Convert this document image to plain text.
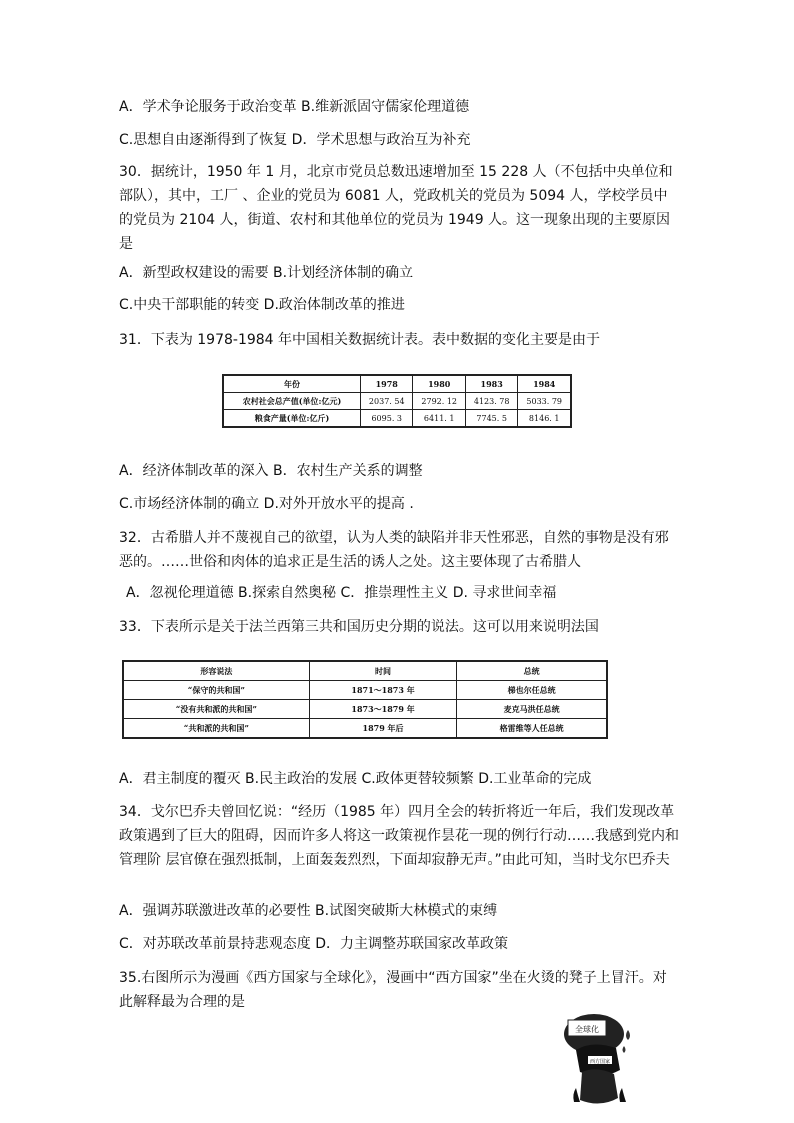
A．学术争论服务于政治变革 B.维新派固守儒家伦理道德
C.思想自由逐渐得到了恢复 D．学术思想与政治互为补充
30．据统计，1950 年 1 月，北京市党员总数迅速增加至 15 228 人（不包括中央单位和部队），其中，工厂 、企业的党员为 6081 人，党政机关的党员为 5094 人，学校学员中的党员为 2104 人，街道、农村和其他单位的党员为 1949 人。这一现象出现的主要原因是
A．新型政权建设的需要 B.计划经济体制的确立
C.中央干部职能的转变 D.政治体制改革的推进
31．下表为 1978-1984 年中国相关数据统计表。表中数据的变化主要是由于
年份	1978	1980	1983	1984
农村社会总产值(单位:亿元)	2037. 54	2792. 12	4123. 78	5033. 79
粮食产量(单位:亿斤)	6095. 3	6411. 1	7745. 5	8146. 1
A．经济体制改革的深入 B．农村生产关系的调整
C.市场经济体制的确立 D.对外开放水平的提高 .
32．古希腊人并不蔑视自己的欲望，认为人类的缺陷并非天性邪恶，自然的事物是没有邪恶的。……世俗和肉体的追求正是生活的诱人之处。这主要体现了古希腊人
A．忽视伦理道德 B.探索自然奥秘 C．推崇理性主义 D. 寻求世间幸福
33．下表所示是关于法兰西第三共和国历史分期的说法。这可以用来说明法国
形容说法	时间	总统
“保守的共和国”	1871～1873 年	梯也尔任总统
“没有共和派的共和国”	1873～1879 年	麦克马洪任总统
“共和派的共和国”	1879 年后	格雷维等人任总统
A．君主制度的覆灭 B.民主政治的发展 C.政体更替较频繁 D.工业革命的完成
34．戈尔巴乔夫曾回忆说：“经历（1985 年）四月全会的转折将近一年后，我们发现改革政策遇到了巨大的阻碍，因而许多人将这一政策视作昙花一现的例行行动……我感到党内和管理阶 层官僚在强烈抵制，上面轰轰烈烈，下面却寂静无声。”由此可知，当时戈尔巴乔夫
A．强调苏联激进改革的必要性 B.试图突破斯大林模式的束缚
C．对苏联改革前景持悲观态度 D．力主调整苏联国家改革政策
35.右图所示为漫画《西方国家与全球化》，漫画中“西方国家”坐在火烫的凳子上冒汗。对此解释最为合理的是
全球化
西方国家
